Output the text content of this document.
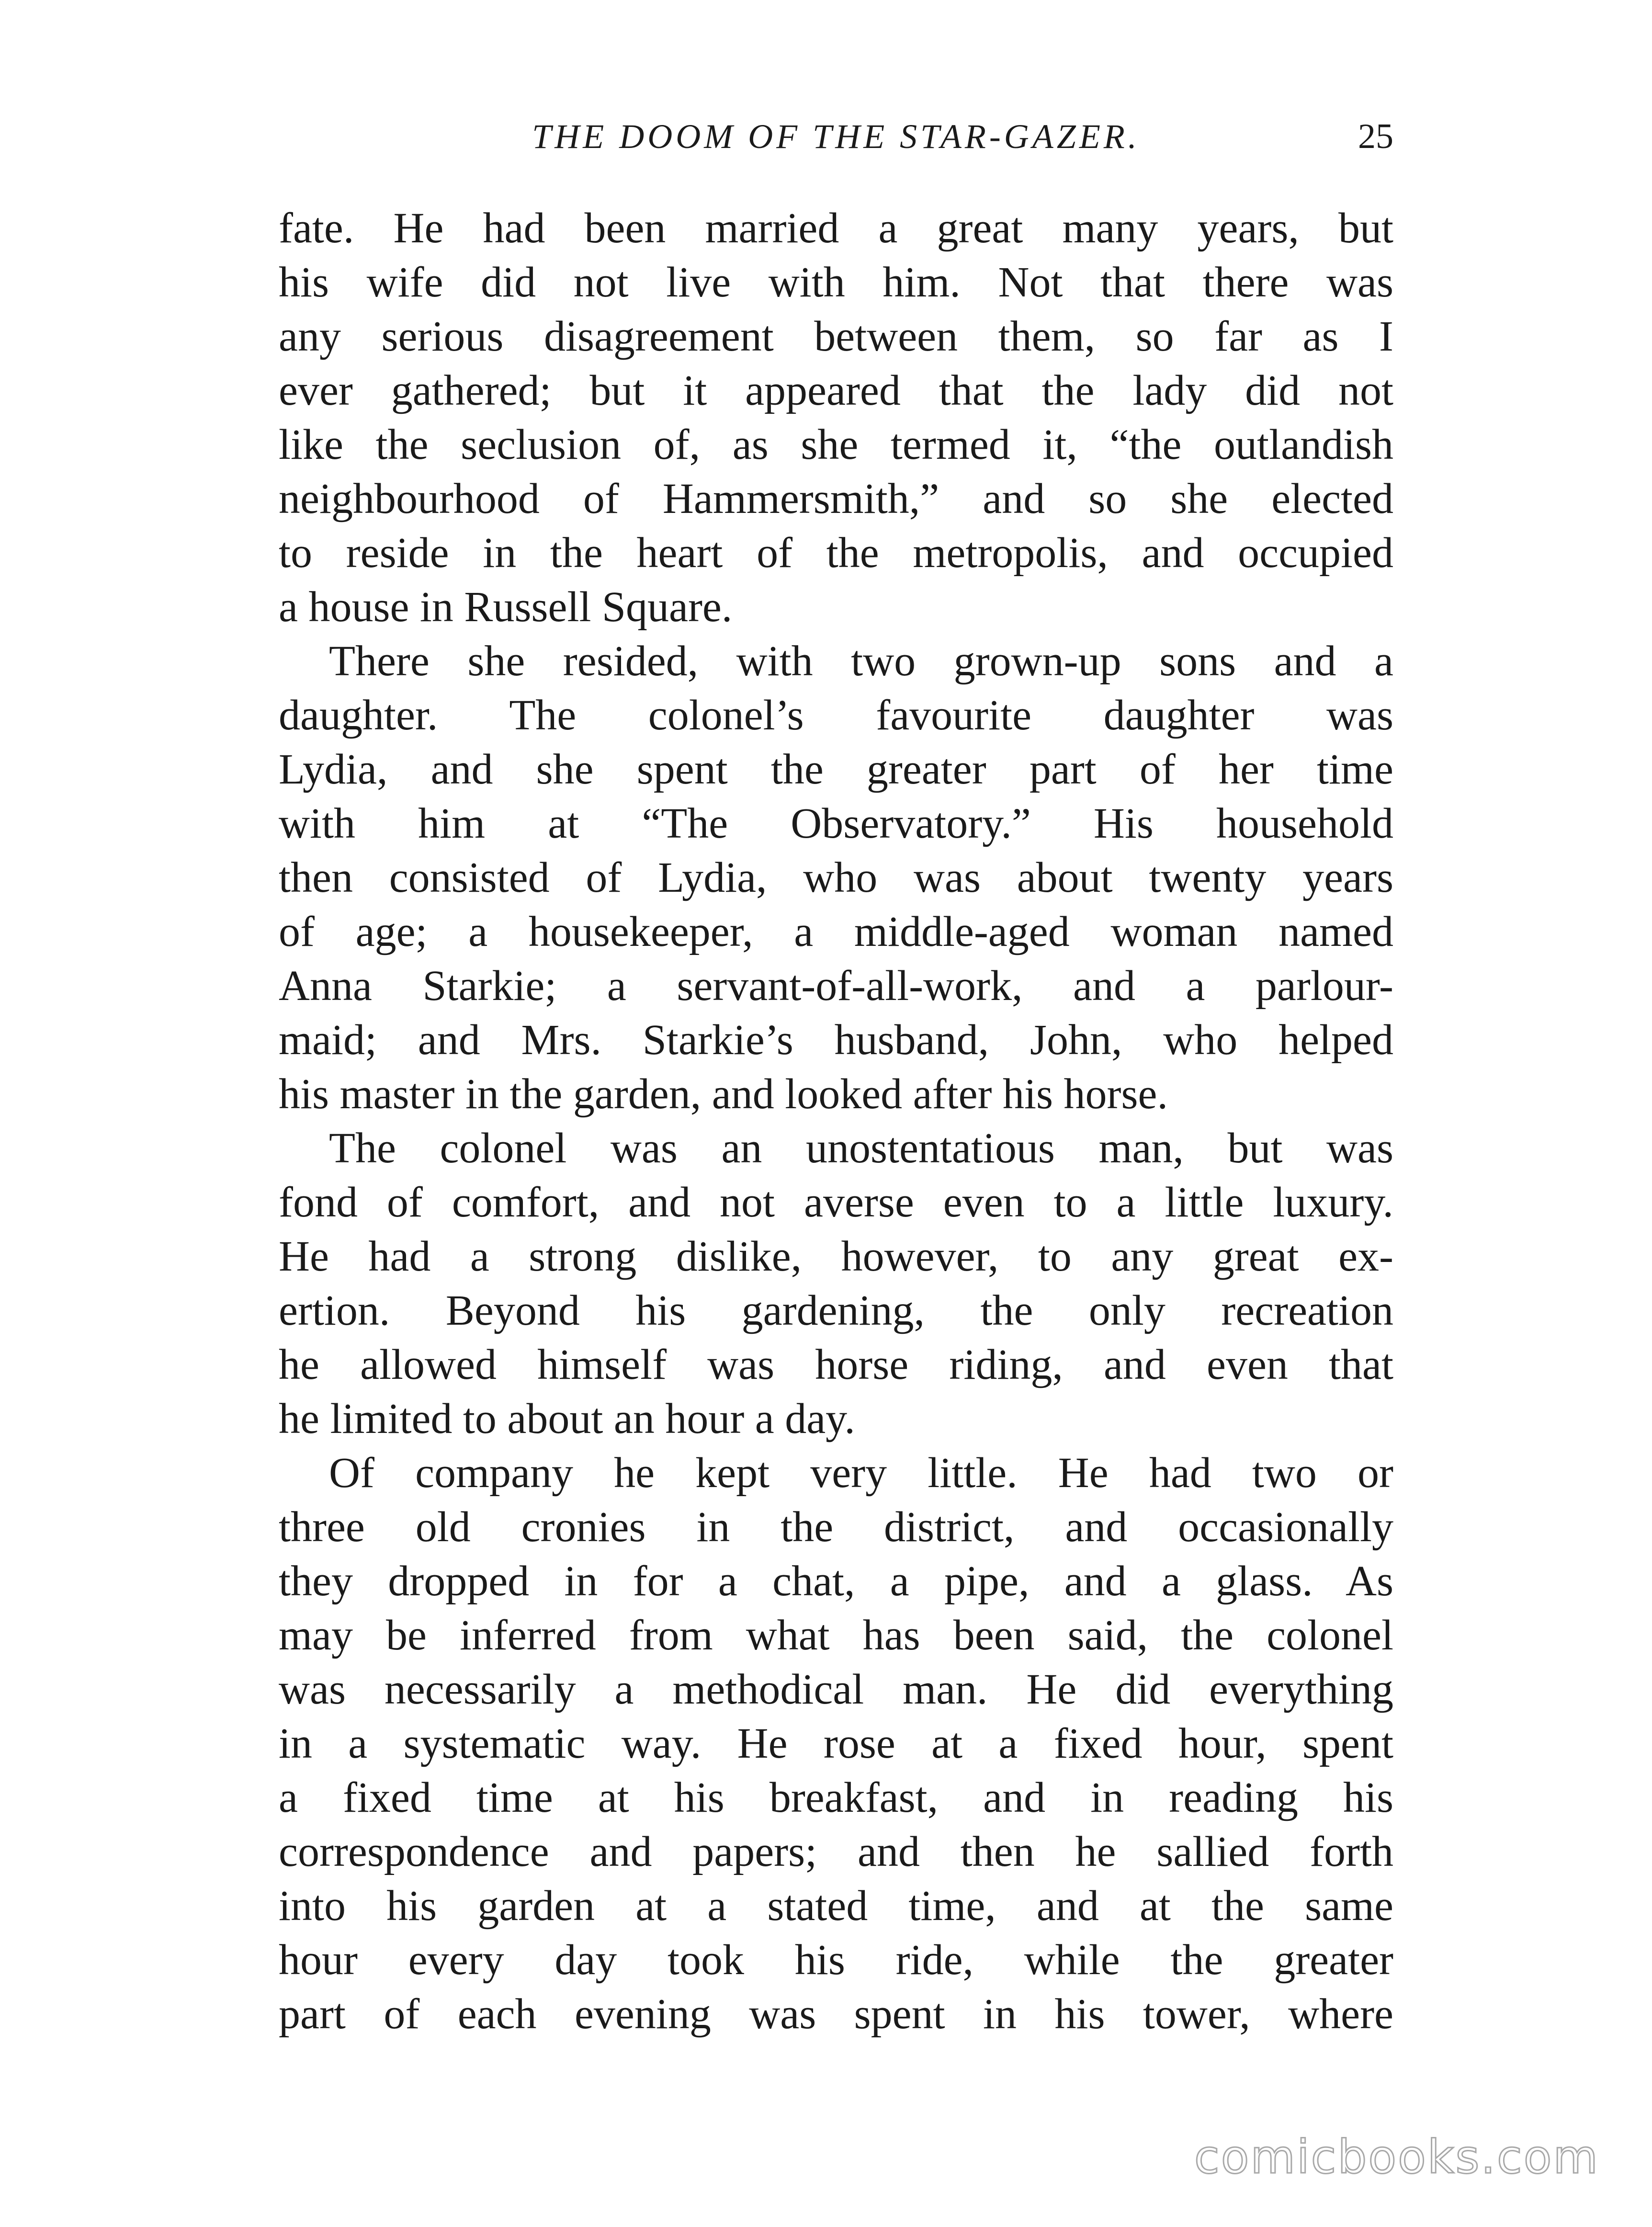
THE DOOM OF THE STAR-GAZER.	25
fate. He had been married a great many years, but
his wife did not live with him. Not that there was
any serious disagreement between them, so far as I
ever gathered; but it appeared that the lady did not
like the seclusion of, as she termed it, “the outlandish
neighbourhood of Hammersmith,” and so she elected
to reside in the heart of the metropolis, and occupied
a house in Russell Square.
There she resided, with two grown-up sons and a
daughter. The colonel’s favourite daughter was
Lydia, and she spent the greater part of her time
with him at “The Observatory.” His household
then consisted of Lydia, who was about twenty years
of age; a housekeeper, a middle-aged woman named
Anna Starkie; a servant-of-all-work, and a parlour-
maid; and Mrs. Starkie’s husband, John, who helped
his master in the garden, and looked after his horse.
The colonel was an unostentatious man, but was
fond of comfort, and not averse even to a little luxury.
He had a strong dislike, however, to any great ex-
ertion. Beyond his gardening, the only recreation
he allowed himself was horse riding, and even that
he limited to about an hour a day.
Of company he kept very little. He had two or
three old cronies in the district, and occasionally
they dropped in for a chat, a pipe, and a glass. As
may be inferred from what has been said, the colonel
was necessarily a methodical man. He did everything
in a systematic way. He rose at a fixed hour, spent
a fixed time at his breakfast, and in reading his
correspondence and papers; and then he sallied forth
into his garden at a stated time, and at the same
hour every day took his ride, while the greater
part of each evening was spent in his tower, where
comicbooks.com
